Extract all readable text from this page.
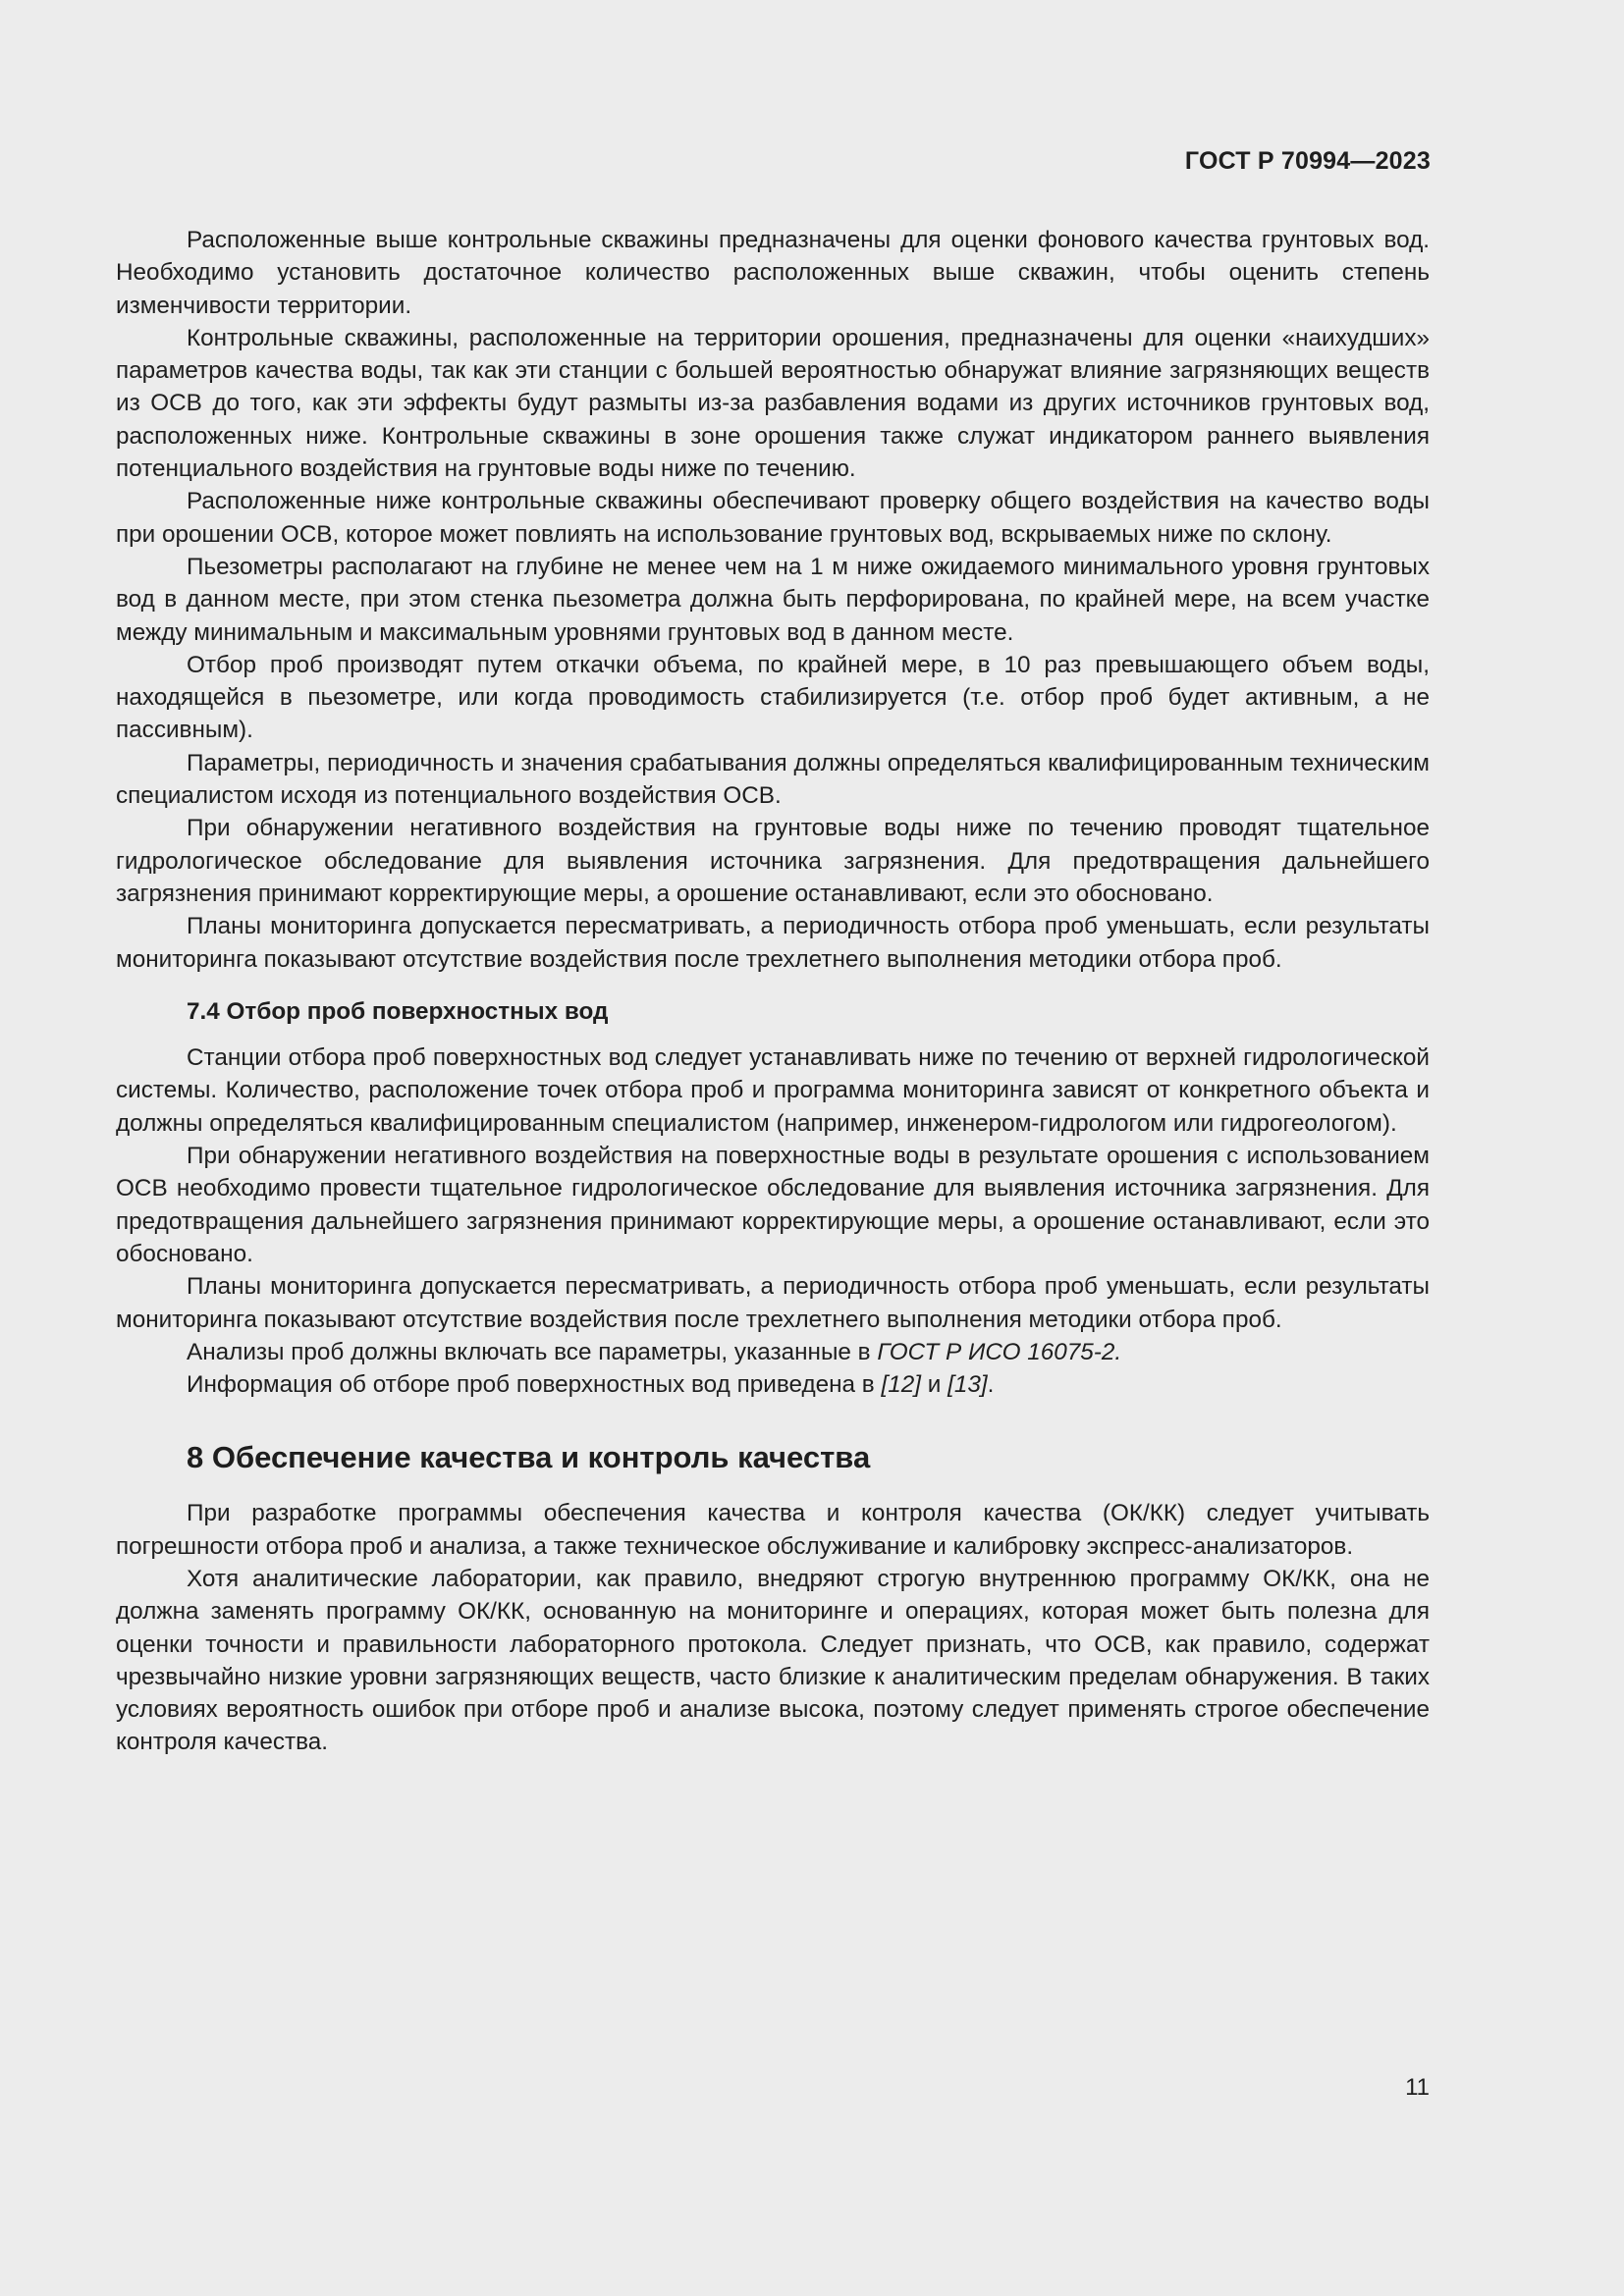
ГОСТ Р 70994—2023

Расположенные выше контрольные скважины предназначены для оценки фонового качества грунтовых вод. Необходимо установить достаточное количество расположенных выше скважин, чтобы оценить степень изменчивости территории.

Контрольные скважины, расположенные на территории орошения, предназначены для оценки «наихудших» параметров качества воды, так как эти станции с большей вероятностью обнаружат влияние загрязняющих веществ из ОСВ до того, как эти эффекты будут размыты из-за разбавления водами из других источников грунтовых вод, расположенных ниже. Контрольные скважины в зоне орошения также служат индикатором раннего выявления потенциального воздействия на грунтовые воды ниже по течению.

Расположенные ниже контрольные скважины обеспечивают проверку общего воздействия на качество воды при орошении ОСВ, которое может повлиять на использование грунтовых вод, вскрываемых ниже по склону.

Пьезометры располагают на глубине не менее чем на 1 м ниже ожидаемого минимального уровня грунтовых вод в данном месте, при этом стенка пьезометра должна быть перфорирована, по крайней мере, на всем участке между минимальным и максимальным уровнями грунтовых вод в данном месте.

Отбор проб производят путем откачки объема, по крайней мере, в 10 раз превышающего объем воды, находящейся в пьезометре, или когда проводимость стабилизируется (т.е. отбор проб будет активным, а не пассивным).

Параметры, периодичность и значения срабатывания должны определяться квалифицированным техническим специалистом исходя из потенциального воздействия ОСВ.

При обнаружении негативного воздействия на грунтовые воды ниже по течению проводят тщательное гидрологическое обследование для выявления источника загрязнения. Для предотвращения дальнейшего загрязнения принимают корректирующие меры, а орошение останавливают, если это обосновано.

Планы мониторинга допускается пересматривать, а периодичность отбора проб уменьшать, если результаты мониторинга показывают отсутствие воздействия после трехлетнего выполнения методики отбора проб.

7.4 Отбор проб поверхностных вод

Станции отбора проб поверхностных вод следует устанавливать ниже по течению от верхней гидрологической системы. Количество, расположение точек отбора проб и программа мониторинга зависят от конкретного объекта и должны определяться квалифицированным специалистом (например, инженером-гидрологом или гидрогеологом).

При обнаружении негативного воздействия на поверхностные воды в результате орошения с использованием ОСВ необходимо провести тщательное гидрологическое обследование для выявления источника загрязнения. Для предотвращения дальнейшего загрязнения принимают корректирующие меры, а орошение останавливают, если это обосновано.

Планы мониторинга допускается пересматривать, а периодичность отбора проб уменьшать, если результаты мониторинга показывают отсутствие воздействия после трехлетнего выполнения методики отбора проб.

Анализы проб должны включать все параметры, указанные в ГОСТ Р ИСО 16075-2.

Информация об отборе проб поверхностных вод приведена в [12] и [13].

8 Обеспечение качества и контроль качества

При разработке программы обеспечения качества и контроля качества (ОК/КК) следует учитывать погрешности отбора проб и анализа, а также техническое обслуживание и калибровку экспресс-анализаторов.

Хотя аналитические лаборатории, как правило, внедряют строгую внутреннюю программу ОК/КК, она не должна заменять программу ОК/КК, основанную на мониторинге и операциях, которая может быть полезна для оценки точности и правильности лабораторного протокола. Следует признать, что ОСВ, как правило, содержат чрезвычайно низкие уровни загрязняющих веществ, часто близкие к аналитическим пределам обнаружения. В таких условиях вероятность ошибок при отборе проб и анализе высока, поэтому следует применять строгое обеспечение контроля качества.

11
